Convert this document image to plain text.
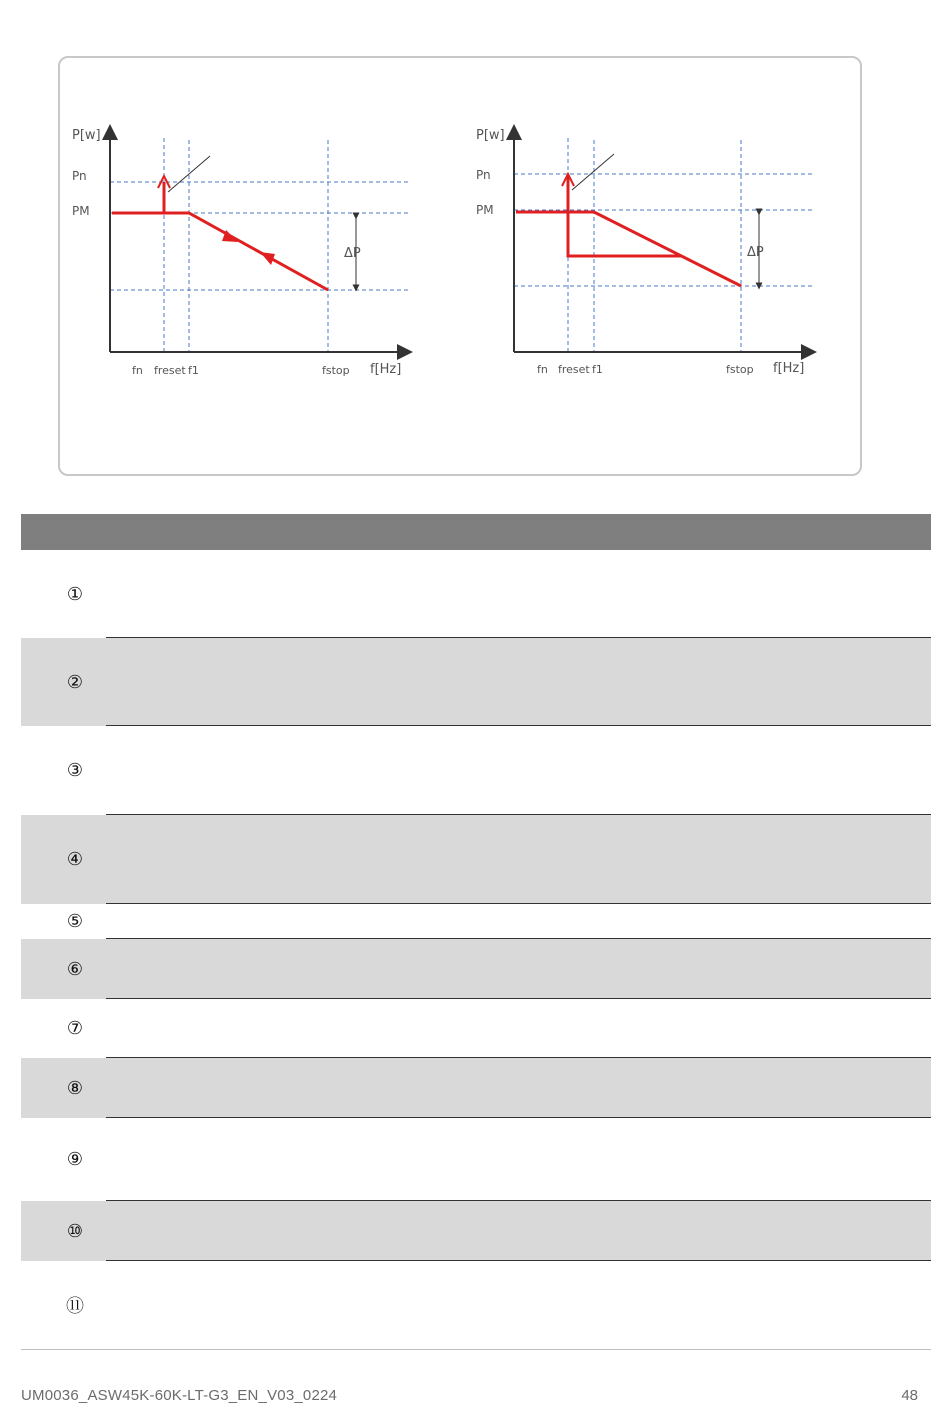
ΔP
P[w]
Pn
PM
fn freset f1	fstop f[Hz]
ΔP
P[w]
Pn
PM
fn freset f1	fstop f[Hz]
①
②
③
④
⑤
⑥
⑦
⑧
⑨
⑩
⑪
UM0036_ASW45K-60K-LT-G3_EN_V03_0224	48
